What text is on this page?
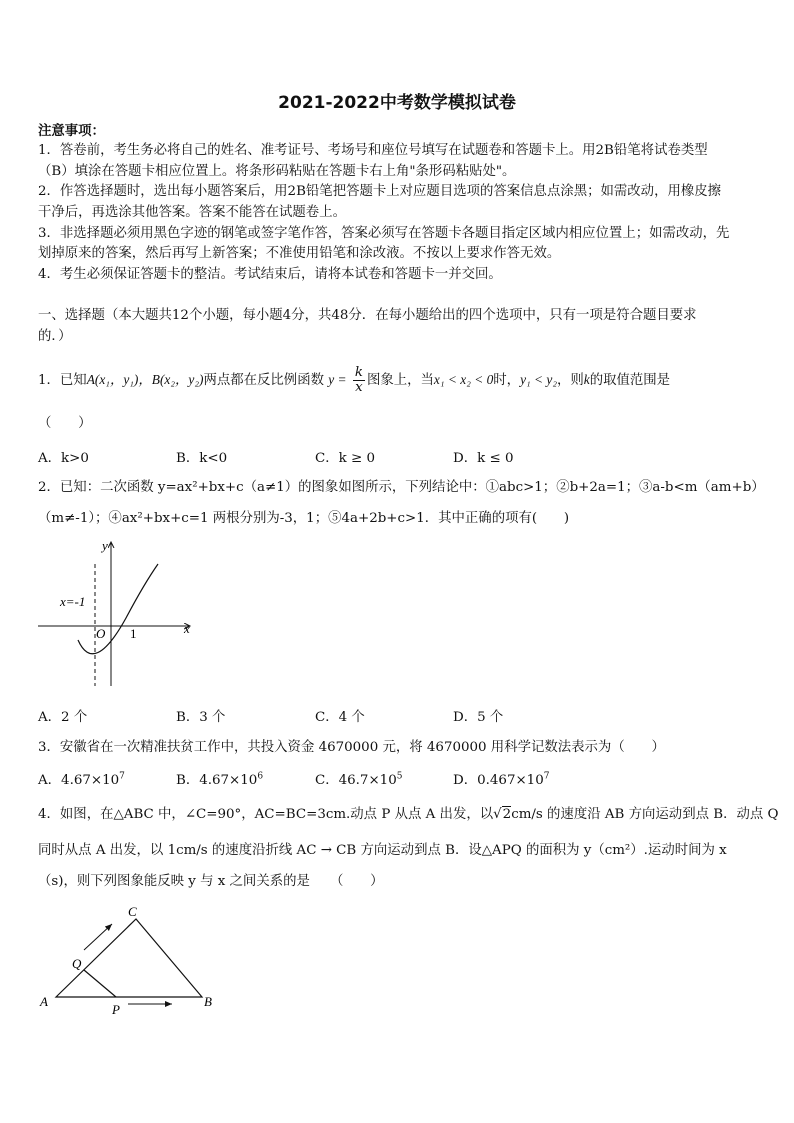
2021-2022中考数学模拟试卷
注意事项：
1．答卷前，考生务必将自己的姓名、准考证号、考场号和座位号填写在试题卷和答题卡上。用2B铅笔将试卷类型
（B）填涂在答题卡相应位置上。将条形码粘贴在答题卡右上角"条形码粘贴处"。
2．作答选择题时，选出每小题答案后，用2B铅笔把答题卡上对应题目选项的答案信息点涂黑；如需改动，用橡皮擦
干净后，再选涂其他答案。答案不能答在试题卷上。
3．非选择题必须用黑色字迹的钢笔或签字笔作答，答案必须写在答题卡各题目指定区域内相应位置上；如需改动，先
划掉原来的答案，然后再写上新答案；不准使用铅笔和涂改液。不按以上要求作答无效。
4．考生必须保证答题卡的整洁。考试结束后，请将本试卷和答题卡一并交回。
一、选择题（本大题共12个小题，每小题4分，共48分．在每小题给出的四个选项中，只有一项是符合题目要求
的．）
1．已知A(x₁，y₁)，B(x₂，y₂)两点都在反比例函数 $y = \frac{k}{x}$ 图象上，当x₁ < x₂ < 0时，y₁ < y₂，则k的取值范围是
（　　）
A．k>0	B．k<0	C．k ≥ 0	D．k ≤ 0
2．已知：二次函数 y=ax²+bx+c（a≠1）的图象如图所示，下列结论中：①abc>1；②b+2a=1；③a-b<m（am+b）
（m≠-1）；④ax²+bx+c=1 两根分别为-3，1；⑤4a+2b+c>1．其中正确的项有(　　)
y
x
x=-1
O 1
A．2 个	B．3 个	C．4 个	D．5 个
3．安徽省在一次精准扶贫工作中，共投入资金 4670000 元，将 4670000 用科学记数法表示为（　　）
A．$4.67\times 10^7$	B．$4.67\times 10^6$	C．$46.7\times 10^5$	D．$0.467\times 10^7$
4．如图，在△ABC 中，∠C=90°，AC=BC=3cm.动点 P 从点 A 出发，以√2cm/s 的速度沿 AB 方向运动到点 B．动点 Q
同时从点 A 出发，以 1cm/s 的速度沿折线 AC → CB 方向运动到点 B．设△APQ 的面积为 y（cm²）.运动时间为 x
（s)，则下列图象能反映 y 与 x 之间关系的是　　（　　）
C
Q
A
P
B
